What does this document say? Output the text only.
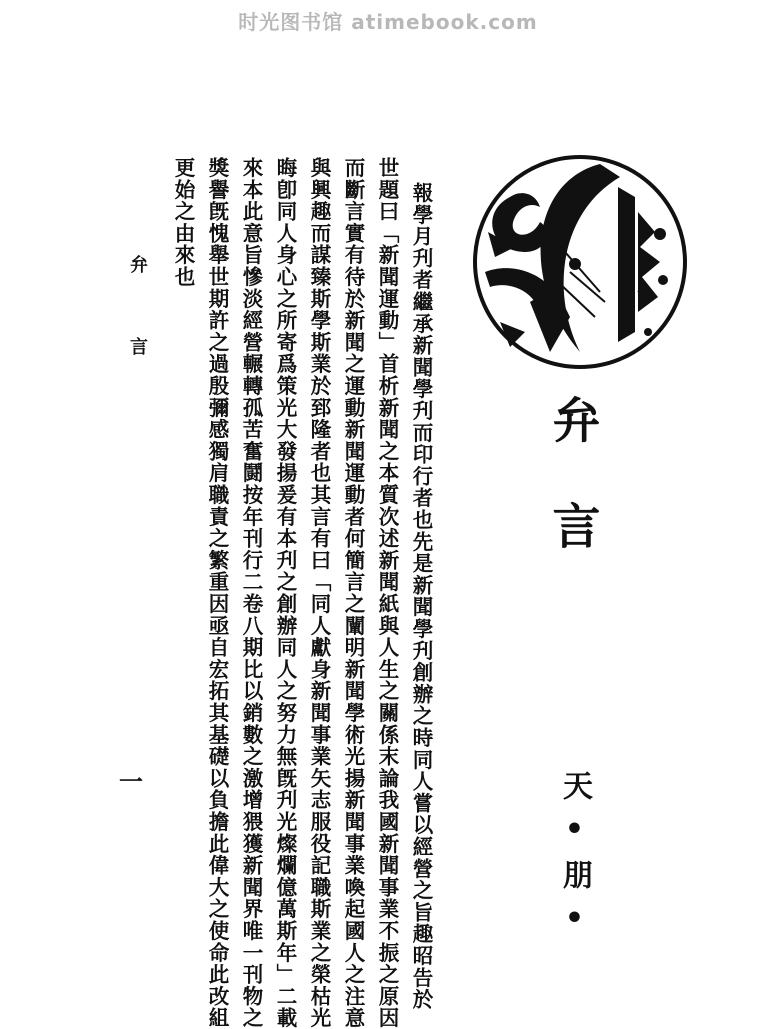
时光图书馆 atimebook.com
弁言
天•朋•
報學月刋者繼承新聞學刋而印行者也先是新聞學刋創辦之時同人嘗以經營之旨趣昭告於
世題曰「新聞運動」首析新聞之本質次述新聞紙與人生之關係末論我國新聞事業不振之原因
而斷言實有待於新聞之運動新聞運動者何簡言之闡明新聞學術光揚新聞事業喚起國人之注意
與興趣而謀臻斯學斯業於郅隆者也其言有曰「同人獻身新聞事業矢志服役記職斯業之榮枯光
晦卽同人身心之所寄爲策光大發揚爰有本刋之創辦同人之努力無旣刋光燦爛億萬斯年」二載
來本此意旨慘淡經營輾轉孤苦奮鬪按年刊行二卷八期比以銷數之激增猥獲新聞界唯一刊物之
獎譽旣愧舉世期許之過殷彌感獨肩職責之繁重因亟自宏拓其基礎以負擔此偉大之使命此改組
更始之由來也
弁言
一
